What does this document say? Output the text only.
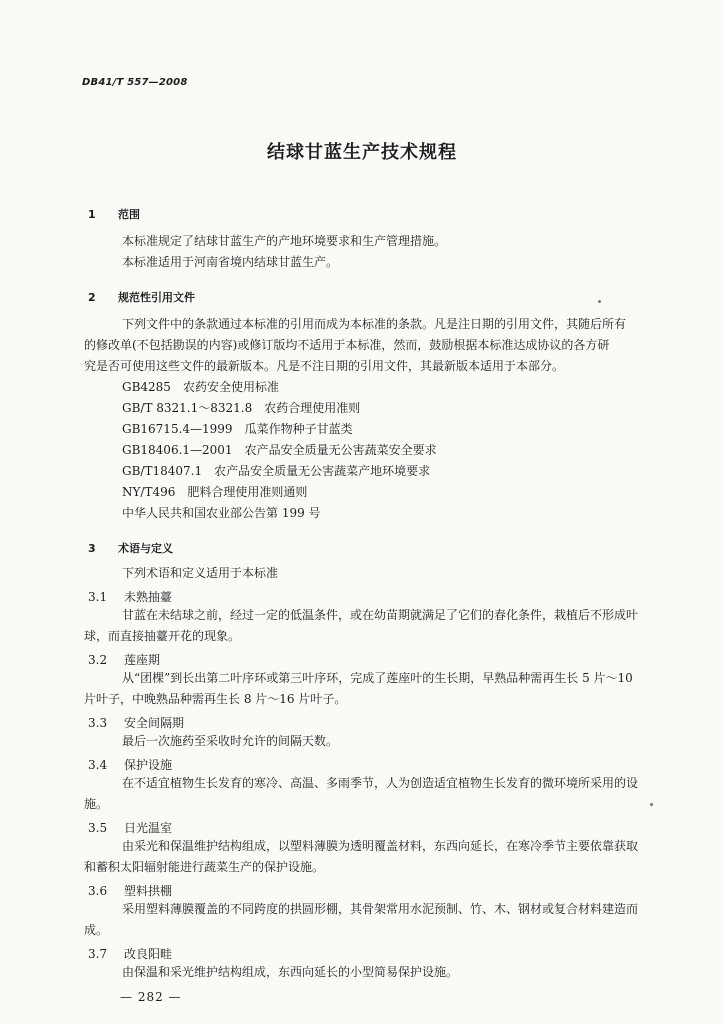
DB41/T 557—2008
结球甘蓝生产技术规程
1 范围
本标准规定了结球甘蓝生产的产地环境要求和生产管理措施。
本标准适用于河南省境内结球甘蓝生产。
2 规范性引用文件
下列文件中的条款通过本标准的引用而成为本标准的条款。凡是注日期的引用文件，其随后所有
的修改单(不包括勘误的内容)或修订版均不适用于本标准，然而，鼓励根据本标准达成协议的各方研
究是否可使用这些文件的最新版本。凡是不注日期的引用文件，其最新版本适用于本部分。
GB4285　农药安全使用标准
GB/T 8321.1～8321.8　农药合理使用准则
GB16715.4—1999　瓜菜作物种子甘蓝类
GB18406.1—2001　农产品安全质量无公害蔬菜安全要求
GB/T18407.1　农产品安全质量无公害蔬菜产地环境要求
NY/T496　肥料合理使用准则通则
中华人民共和国农业部公告第 199 号
3 术语与定义
下列术语和定义适用于本标准
3.1 未熟抽薹
甘蓝在未结球之前，经过一定的低温条件，或在幼苗期就满足了它们的春化条件，栽植后不形成叶
球，而直接抽薹开花的现象。
3.2 莲座期
从“团棵”到长出第二叶序环或第三叶序环，完成了莲座叶的生长期，早熟品种需再生长 5 片～10
片叶子，中晚熟品种需再生长 8 片～16 片叶子。
3.3 安全间隔期
最后一次施药至采收时允许的间隔天数。
3.4 保护设施
在不适宜植物生长发育的寒冷、高温、多雨季节，人为创造适宜植物生长发育的微环境所采用的设
施。
3.5 日光温室
由采光和保温维护结构组成，以塑料薄膜为透明覆盖材料，东西向延长，在寒冷季节主要依靠获取
和蓄积太阳辐射能进行蔬菜生产的保护设施。
3.6 塑料拱棚
采用塑料薄膜覆盖的不同跨度的拱圆形棚，其骨架常用水泥预制、竹、木、钢材或复合材料建造而
成。
3.7 改良阳畦
由保温和采光维护结构组成，东西向延长的小型简易保护设施。
— 282 —
